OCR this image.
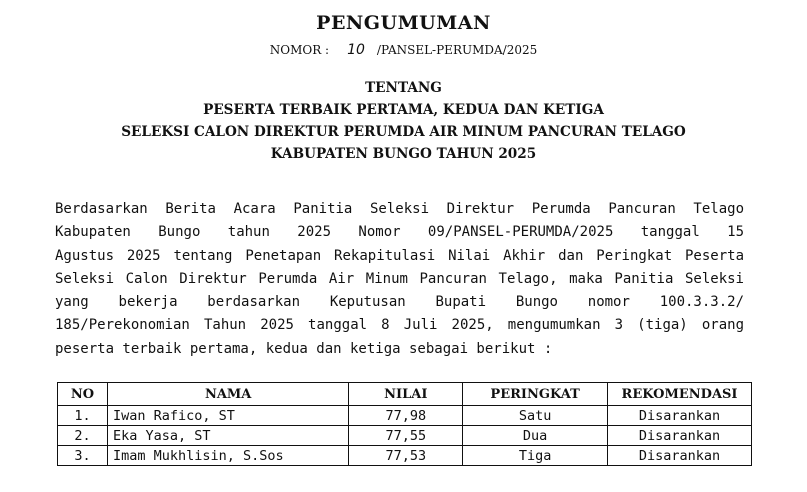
PENGUMUMAN
NOMOR : 10 /PANSEL-PERUMDA/2025
TENTANG
PESERTA TERBAIK PERTAMA, KEDUA DAN KETIGA
SELEKSI CALON DIREKTUR PERUMDA AIR MINUM PANCURAN TELAGO
KABUPATEN BUNGO TAHUN 2025
Berdasarkan Berita Acara Panitia Seleksi Direktur Perumda Pancuran Telago
Kabupaten Bungo tahun 2025 Nomor 09/PANSEL-PERUMDA/2025 tanggal 15
Agustus 2025 tentang Penetapan Rekapitulasi Nilai Akhir dan Peringkat Peserta
Seleksi Calon Direktur Perumda Air Minum Pancuran Telago, maka Panitia Seleksi
yang bekerja berdasarkan Keputusan Bupati Bungo nomor 100.3.3.2/
185/Perekonomian Tahun 2025 tanggal 8 Juli 2025, mengumumkan 3 (tiga) orang
peserta terbaik pertama, kedua dan ketiga sebagai berikut :
NO	NAMA	NILAI	PERINGKAT	REKOMENDASI
1.	Iwan Rafico, ST	77,98	Satu	Disarankan
2.	Eka Yasa, ST	77,55	Dua	Disarankan
3.	Imam Mukhlisin, S.Sos	77,53	Tiga	Disarankan
